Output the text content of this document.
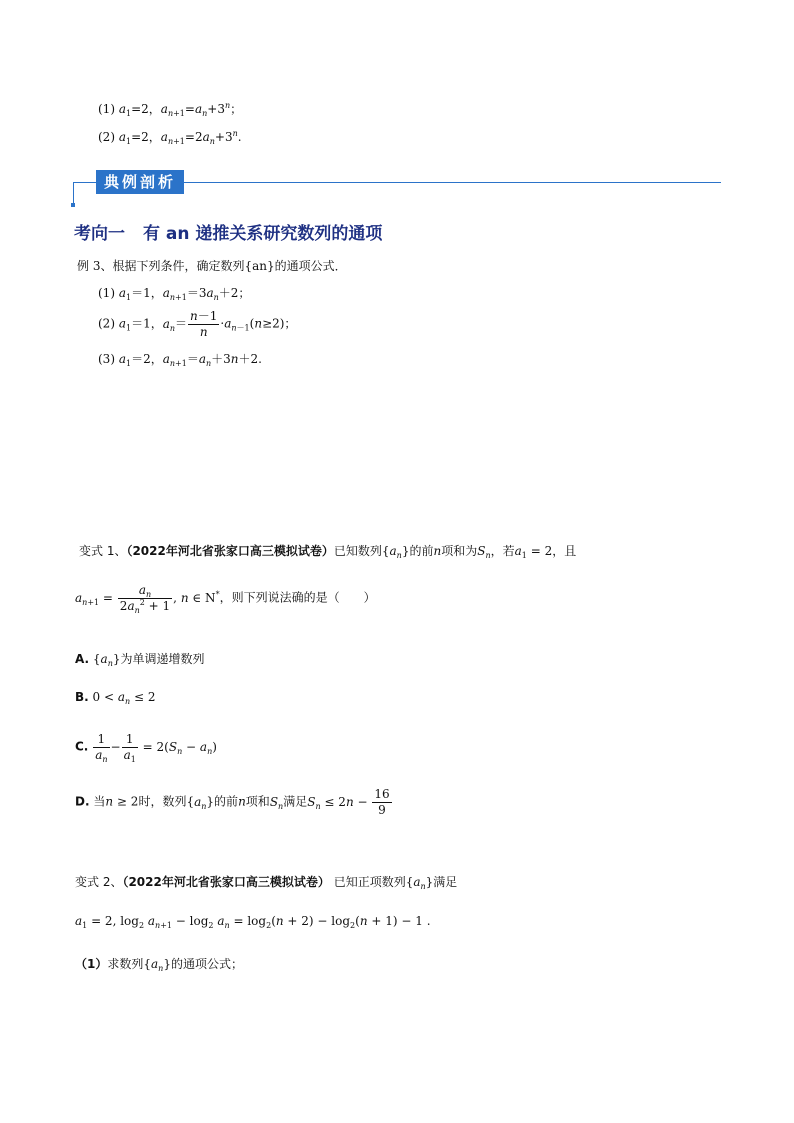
(1) $a_1=2$，$a_{n+1}=a_n+3^n$；
(2) $a_1=2$，$a_{n+1}=2a_n+3^n$.
典例剖析
考向一 有 an 递推关系研究数列的通项
例 3、根据下列条件，确定数列{an}的通项公式．
(1) $a_1=1$，$a_{n+1}=3a_n+2$；
(2) $a_1=1$，$a_n= \frac{n-1}{n} \cdot a_{n-1}(n\ge 2)$；
(3) $a_1=2$，$a_{n+1}=a_n+3n+2$.
变式 1、（2022年河北省张家口高三模拟试卷）已知数列$\{a_n\}$的前n项和为$S_n$，若$a_1 = 2$，且
$a_{n+1} = \frac{a_n}{2a_n^2 + 1}$ , n ∈ N*，则下列说法确的是（　　）
A. $\{a_n\}$为单调递增数列
B. $0 < a_n \le 2$
C. $\frac{1}{a_n} - \frac{1}{a_1} = 2(S_n - a_n)$
D. 当n ≥ 2时，数列$\{a_n\}$的前n项和$S_n$满足$S_n \le 2n - \frac{16}{9}$
变式 2、（2022年河北省张家口高三模拟试卷） 已知正项数列$\{a_n\}$满足
$a_1 = 2$, $\log_2 a_{n+1} - \log_2 a_n = \log_2(n + 2) - \log_2(n + 1) - 1$ .
（1）求数列$\{a_n\}$的通项公式；
